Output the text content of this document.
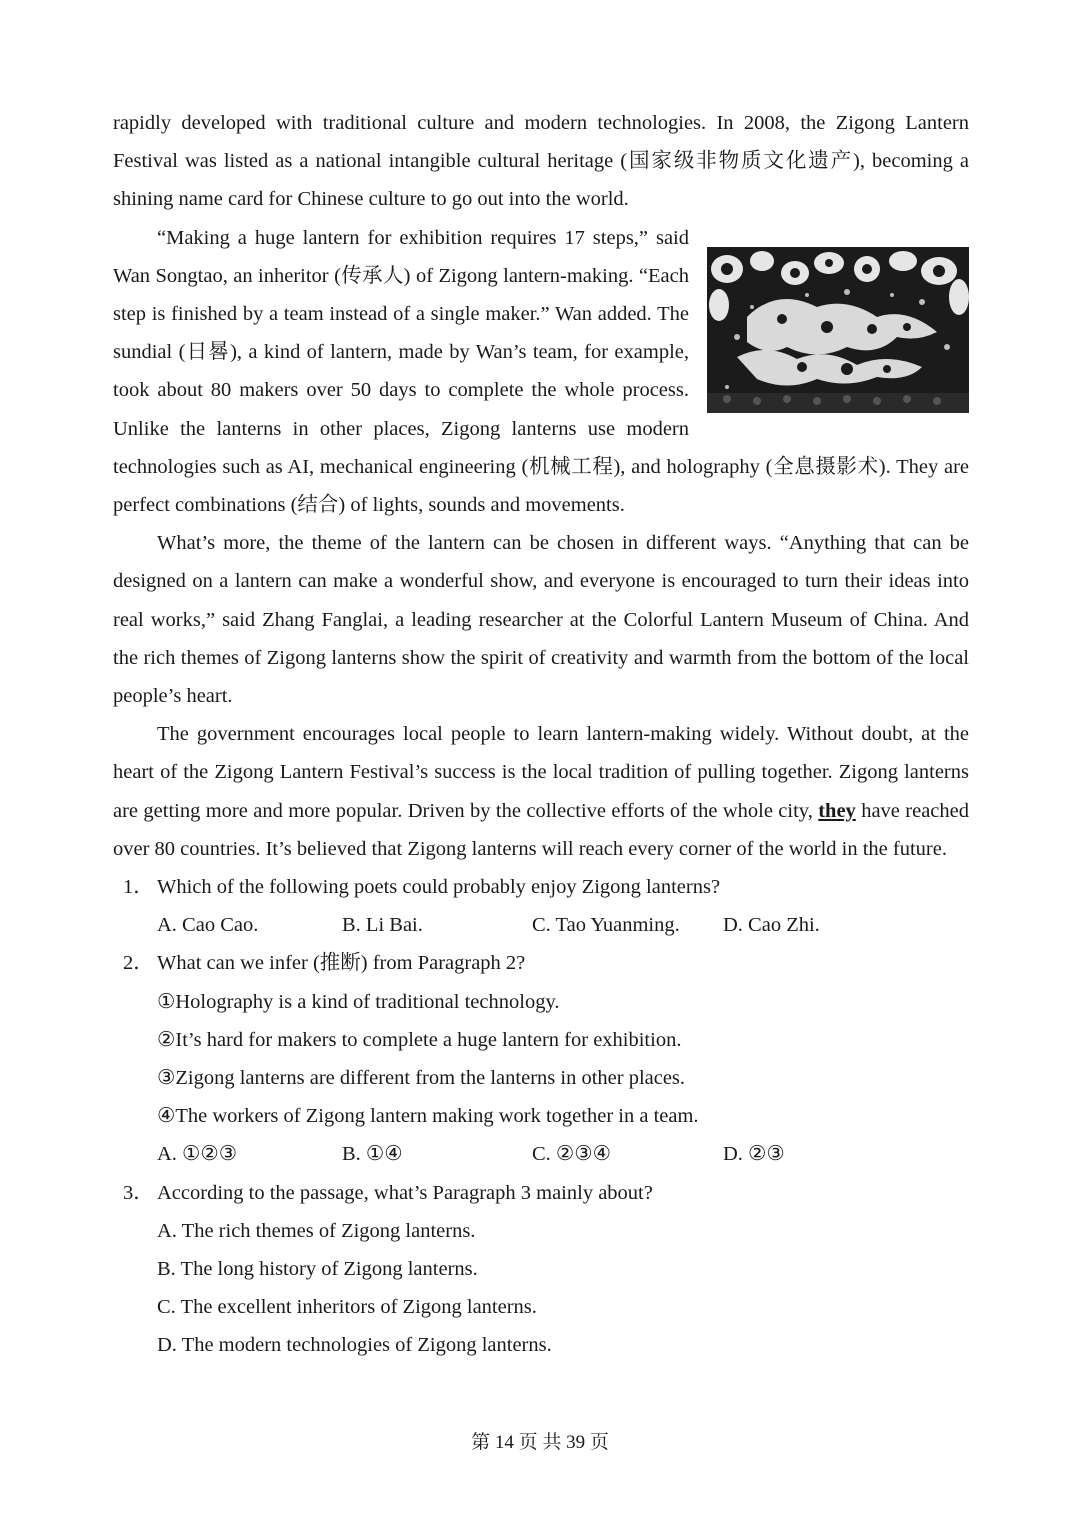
rapidly developed with traditional culture and modern technologies. In 2008, the Zigong Lantern Festival was listed as a national intangible cultural heritage (国家级非物质文化遗产), becoming a shining name card for Chinese culture to go out into the world.

“Making a huge lantern for exhibition requires 17 steps,” said Wan Songtao, an inheritor (传承人) of Zigong lantern-making. “Each step is finished by a team instead of a single maker.” Wan added. The sundial (日晷), a kind of lantern, made by Wan’s team, for example, took about 80 makers over 50 days to complete the whole process. Unlike the lanterns in other places, Zigong lanterns use modern technologies such as AI, mechanical engineering (机械工程), and holography (全息摄影术). They are perfect combinations (结合) of lights, sounds and movements.

What’s more, the theme of the lantern can be chosen in different ways. “Anything that can be designed on a lantern can make a wonderful show, and everyone is encouraged to turn their ideas into real works,” said Zhang Fanglai, a leading researcher at the Colorful Lantern Museum of China. And the rich themes of Zigong lanterns show the spirit of creativity and warmth from the bottom of the local people’s heart.

The government encourages local people to learn lantern-making widely. Without doubt, at the heart of the Zigong Lantern Festival’s success is the local tradition of pulling together. Zigong lanterns are getting more and more popular. Driven by the collective efforts of the whole city, they have reached over 80 countries. It’s believed that Zigong lanterns will reach every corner of the world in the future.

1． Which of the following poets could probably enjoy Zigong lanterns?
A. Cao Cao.	B. Li Bai.	C. Tao Yuanming. D. Cao Zhi.
2． What can we infer (推断) from Paragraph 2?

①Holography is a kind of traditional technology.

②It’s hard for makers to complete a huge lantern for exhibition.

③Zigong lanterns are different from the lanterns in other places.

④The workers of Zigong lantern making work together in a team.

A. ①②③	B. ①④	C. ②③④	D. ②③
3． According to the passage, what’s Paragraph 3 mainly about?

A. The rich themes of Zigong lanterns.

B. The long history of Zigong lanterns.

C. The excellent inheritors of Zigong lanterns.

D. The modern technologies of Zigong lanterns.

第 14 页 共 39 页
